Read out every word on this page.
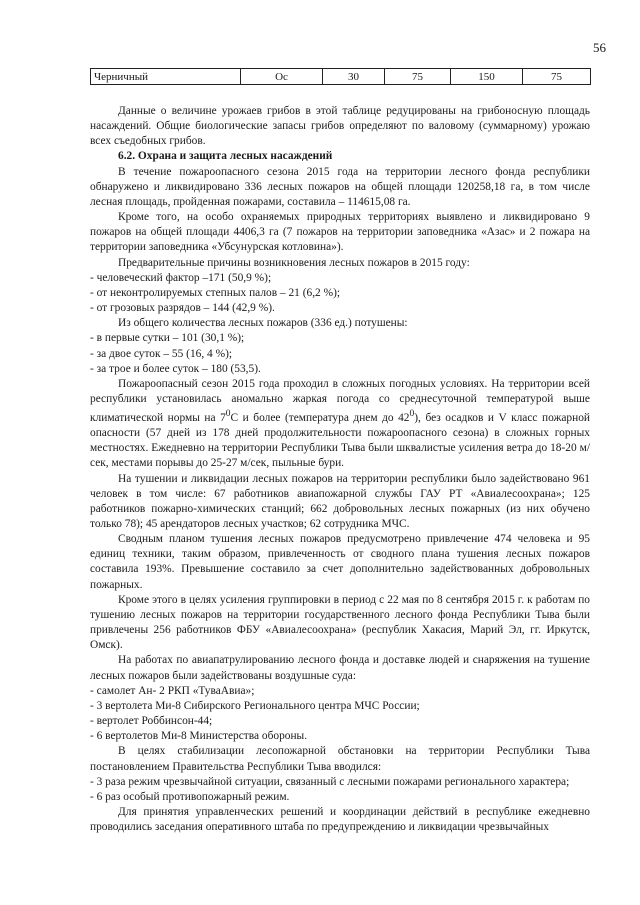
56
Черничный	Ос	30	75	150	75

Данные о величине урожаев грибов в этой таблице редуцированы на грибоносную площадь насаждений. Общие биологические запасы грибов определяют по валовому (суммарному) урожаю всех съедобных грибов.

6.2. Охрана и защита лесных насаждений

В течение пожароопасного сезона 2015 года на территории лесного фонда республики обнаружено и ликвидировано 336 лесных пожаров на общей площади 120258,18 га, в том числе лесная площадь, пройденная пожарами, составила – 114615,08 га.

Кроме того, на особо охраняемых природных территориях выявлено и ликвидировано 9 пожаров на общей площади 4406,3 га (7 пожаров на территории заповедника «Азас» и 2 пожара на территории заповедника «Убсунурская котловина»).

Предварительные причины возникновения лесных пожаров в 2015 году:

- человеческий фактор –171 (50,9 %);

- от неконтролируемых степных палов – 21 (6,2 %);

- от грозовых разрядов – 144 (42,9 %).

Из общего количества лесных пожаров (336 ед.) потушены:

- в первые сутки – 101 (30,1 %);

- за двое суток – 55 (16, 4 %);

- за трое и более суток – 180 (53,5).

Пожароопасный сезон 2015 года проходил в сложных погодных условиях. На территории всей республики установилась аномально жаркая погода со среднесуточной температурой выше климатической нормы на $7^0С$ и более (температура днем до $42^0$), без осадков и V класс пожарной опасности (57 дней из 178 дней продолжительности пожароопасного сезона) в сложных горных местностях. Ежедневно на территории Республики Тыва были шквалистые усиления ветра до 18-20 м/сек, местами порывы до 25-27 м/сек, пыльные бури.

На тушении и ликвидации лесных пожаров на территории республики было задействовано 961 человек в том числе: 67 работников авиапожарной службы ГАУ РТ «Авиалесоохрана»; 125 работников пожарно-химических станций; 662 добровольных лесных пожарных (из них обучено только 78); 45 арендаторов лесных участков; 62 сотрудника МЧС.

Сводным планом тушения лесных пожаров предусмотрено привлечение 474 человека и 95 единиц техники, таким образом, привлеченность от сводного плана тушения лесных пожаров составила 193%. Превышение составило за счет дополнительно задействованных добровольных пожарных.

Кроме этого в целях усиления группировки в период с 22 мая по 8 сентября 2015 г. к работам по тушению лесных пожаров на территории государственного лесного фонда Республики Тыва были привлечены 256 работников ФБУ «Авиалесоохрана» (республик Хакасия, Марий Эл, гг. Иркутск, Омск).

На работах по авиапатрулированию лесного фонда и доставке людей и снаряжения на тушение лесных пожаров были задействованы воздушные суда:

- самолет Ан- 2 РКП «ТуваАвиа»;

- 3 вертолета Ми-8 Сибирского Регионального центра МЧС России;

- вертолет Роббинсон-44;

- 6 вертолетов Ми-8 Министерства обороны.

В целях стабилизации лесопожарной обстановки на территории Республики Тыва постановлением Правительства Республики Тыва вводился:

- 3 раза режим чрезвычайной ситуации, связанный с лесными пожарами регионального характера;

- 6 раз особый противопожарный режим.

Для принятия управленческих решений и координации действий в республике ежедневно проводились заседания оперативного штаба по предупреждению и ликвидации чрезвычайных
